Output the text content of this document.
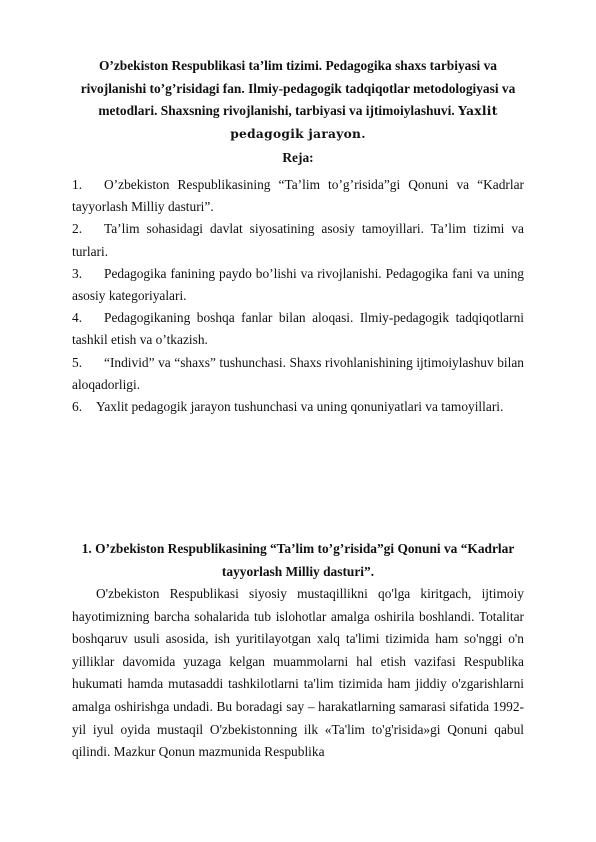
O’zbekiston Respublikasi ta’lim tizimi. Pedagogika shaxs tarbiyasi va rivojlanishi to’g’risidagi fan. Ilmiy-pedagogik tadqiqotlar metodologiyasi va metodlari. Shaxsning rivojlanishi, tarbiyasi va ijtimoiylashuvi. Yaxlit pedagogik jarayon.
Reja:
1. O’zbekiston Respublikasining “Ta’lim to’g’risida”gi Qonuni va “Kadrlar tayyorlash Milliy dasturi”.
2. Ta’lim sohasidagi davlat siyosatining asosiy tamoyillari. Ta’lim tizimi va turlari.
3. Pedagogika fanining paydo bo’lishi va rivojlanishi. Pedagogika fani va uning asosiy kategoriyalari.
4. Pedagogikaning boshqa fanlar bilan aloqasi. Ilmiy-pedagogik tadqiqotlarni tashkil etish va o’tkazish.
5. “Individ” va “shaxs” tushunchasi. Shaxs rivohlanishining ijtimoiylashuv bilan aloqadorligi.
6. Yaxlit pedagogik jarayon tushunchasi va uning qonuniyatlari va tamoyillari.
1. O’zbekiston Respublikasining “Ta’lim to’g’risida”gi Qonuni va “Kadrlar tayyorlash Milliy dasturi”.

O'zbekiston Respublikasi siyosiy mustaqillikni qo'lga kiritgach, ijtimoiy hayotimizning barcha sohalarida tub islohotlar amalga oshirila boshlandi. Totalitar boshqaruv usuli asosida, ish yuritilayotgan xalq ta'limi tizimida ham so'nggi o'n yilliklar davomida yuzaga kelgan muammolarni hal etish vazifasi Respublika hukumati hamda mutasaddi tashkilotlarni ta'lim tizimida ham jiddiy o'zgarishlarni amalga oshirishga undadi. Bu boradagi say – harakatlarning samarasi sifatida 1992-yil iyul oyida mustaqil O'zbekistonning ilk «Ta'lim to'g'risida»gi Qonuni qabul qilindi. Mazkur Qonun mazmunida Respublika
